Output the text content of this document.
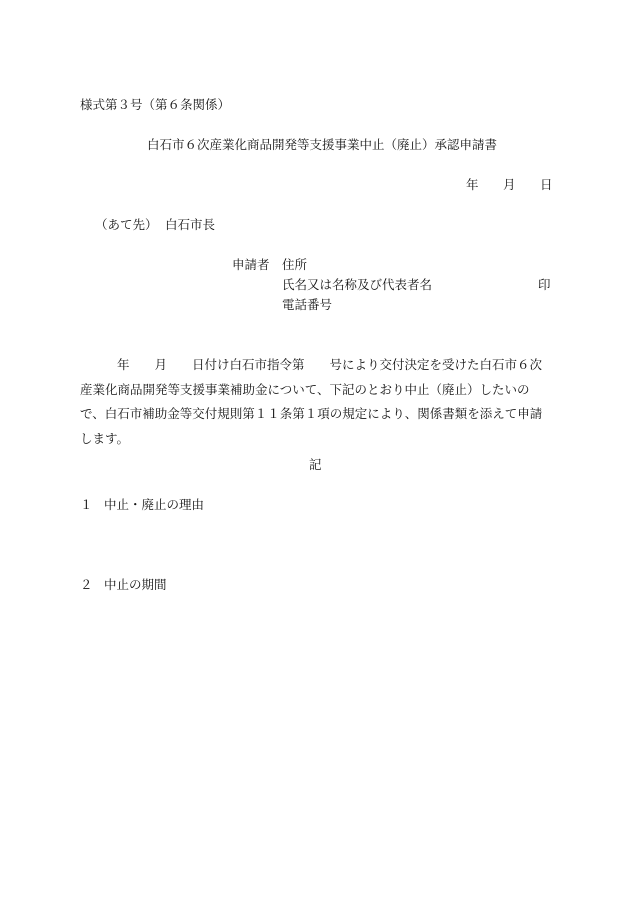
様式第３号（第６条関係）
白石市６次産業化商品開発等支援事業中止（廃止）承認申請書
年 月 日
（あて先） 白石市長
申請者 住所
氏名又は名称及び代表者名	印
電話番号
年 月 日付け白石市指令第 号により交付決定を受けた白石市６次産業化商品開発等支援事業補助金について、下記のとおり中止（廃止）したいので、白石市補助金等交付規則第１１条第１項の規定により、関係書類を添えて申請します。
記
１ 中止・廃止の理由
２ 中止の期間
